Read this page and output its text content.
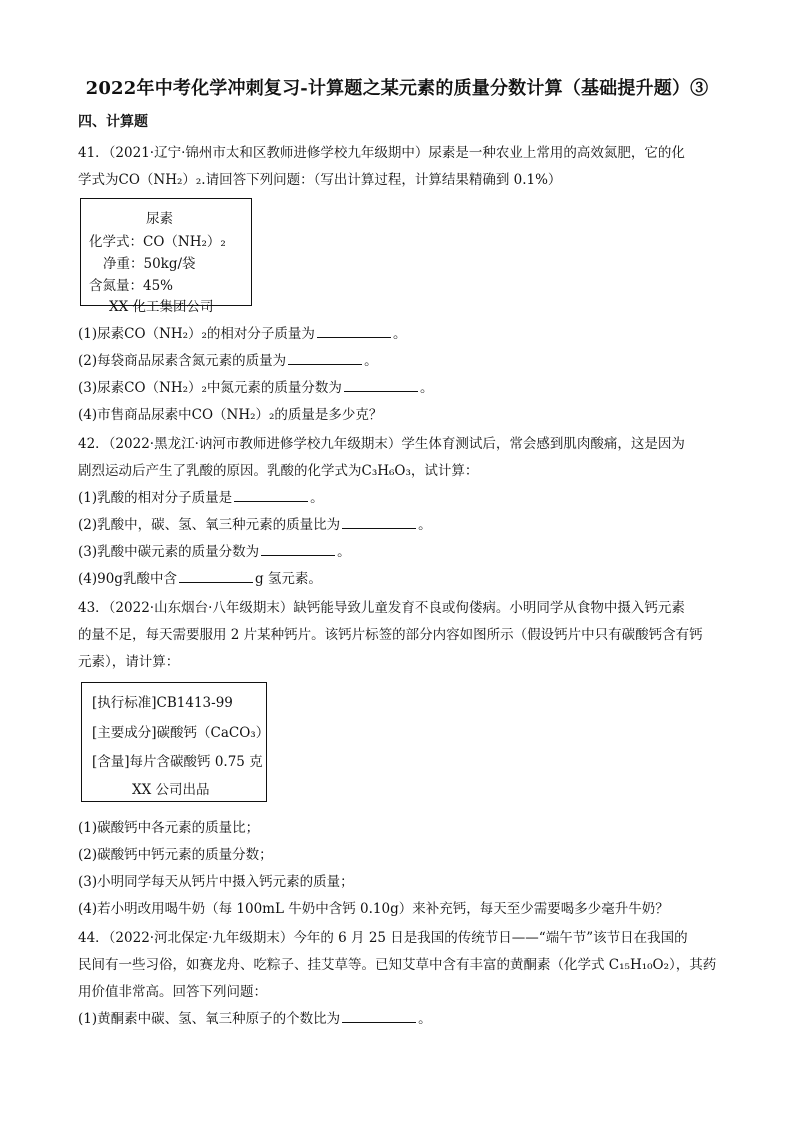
2022年中考化学冲刺复习-计算题之某元素的质量分数计算（基础提升题）③
四、计算题
41．（2021·辽宁·锦州市太和区教师进修学校九年级期中）尿素是一种农业上常用的高效氮肥，它的化
学式为CO（NH₂）₂.请回答下列问题：（写出计算过程，计算结果精确到 0.1%）
尿素
化学式：CO（NH₂）₂
净重：50kg/袋
含氮量：45%
XX 化工集团公司
(1)尿素CO（NH₂）₂的相对分子质量为	。
(2)每袋商品尿素含氮元素的质量为	。
(3)尿素CO（NH₂）₂中氮元素的质量分数为	。
(4)市售商品尿素中CO（NH₂）₂的质量是多少克？
42．（2022·黑龙江·讷河市教师进修学校九年级期末）学生体育测试后，常会感到肌肉酸痛，这是因为
剧烈运动后产生了乳酸的原因。乳酸的化学式为C₃H₆O₃，试计算：
(1)乳酸的相对分子质量是	。
(2)乳酸中，碳、氢、氧三种元素的质量比为	。
(3)乳酸中碳元素的质量分数为	。
(4)90g乳酸中含	g 氢元素。
43．（2022·山东烟台·八年级期末）缺钙能导致儿童发育不良或佝偻病。小明同学从食物中摄入钙元素
的量不足，每天需要服用 2 片某种钙片。该钙片标签的部分内容如图所示（假设钙片中只有碳酸钙含有钙
元素），请计算：
[执行标准]CB1413-99
[主要成分]碳酸钙（CaCO₃）
[含量]每片含碳酸钙 0.75 克
XX 公司出品
(1)碳酸钙中各元素的质量比；
(2)碳酸钙中钙元素的质量分数；
(3)小明同学每天从钙片中摄入钙元素的质量；
(4)若小明改用喝牛奶（每 100mL 牛奶中含钙 0.10g）来补充钙，每天至少需要喝多少毫升牛奶？
44．（2022·河北保定·九年级期末）今年的 6 月 25 日是我国的传统节日——“端午节”该节日在我国的
民间有一些习俗，如赛龙舟、吃粽子、挂艾草等。已知艾草中含有丰富的黄酮素（化学式 C₁₅H₁₀O₂），其药
用价值非常高。回答下列问题：
(1)黄酮素中碳、氢、氧三种原子的个数比为	。
